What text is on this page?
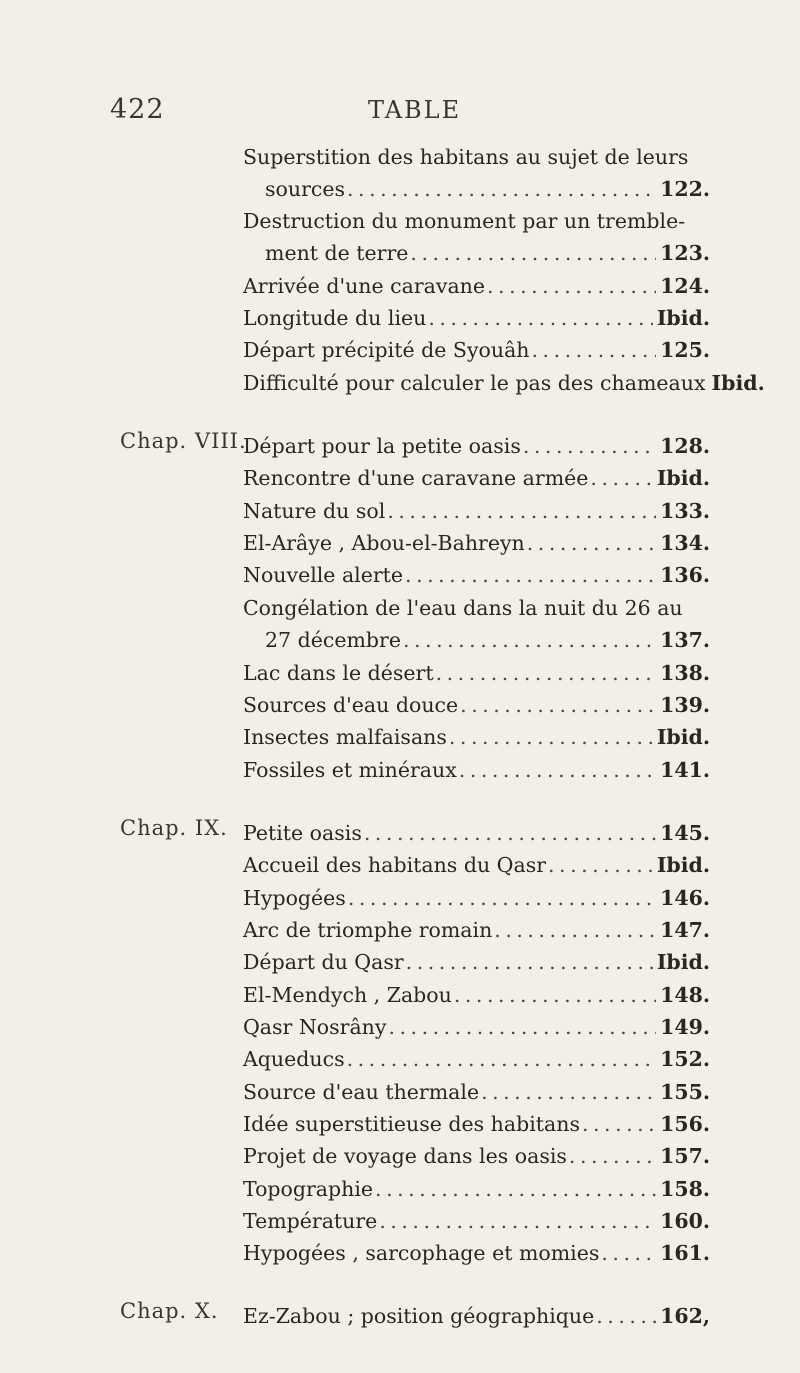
422	TABLE
Chap. VIII.
Chap. IX.
Chap. X.
Superstition des habitans au sujet de leurs
sources . . .	122 .
Destruction du monument par un tremble-
ment de terre . . .	123 .
Arrivée d'une caravane . . .	124 .
Longitude du lieu . . .	Ibid .
Départ précipité de Syouâh . . .	125 .
Difficulté pour calculer le pas des chameaux Ibid .
Départ pour la petite oasis . . .	128 .
Rencontre d'une caravane armée . . .	Ibid .
Nature du sol . . .	133 .
El-Arâye , Abou-el-Bahreyn . . .	134 .
Nouvelle alerte . . .	136 .
Congélation de l'eau dans la nuit du 26 au
27 décembre . . .	137 .
Lac dans le désert . . .	138 .
Sources d'eau douce . . .	139 .
Insectes malfaisans . . .	Ibid .
Fossiles et minéraux . . .	141 .
Petite oasis . . .	145 .
Accueil des habitans du Qasr . . .	Ibid .
Hypogées . . .	146 .
Arc de triomphe romain . . .	147 .
Départ du Qasr . . .	Ibid .
El-Mendych , Zabou . . .	148 .
Qasr Nosrâny . . .	149 .
Aqueducs . . .	152 .
Source d'eau thermale . . .	155 .
Idée superstitieuse des habitans . . .	156 .
Projet de voyage dans les oasis . . .	157 .
Topographie . . .	158 .
Température . . .	160 .
Hypogées , sarcophage et momies . . .	161 .
Ez-Zabou ; position géographique . . .	162 ,
